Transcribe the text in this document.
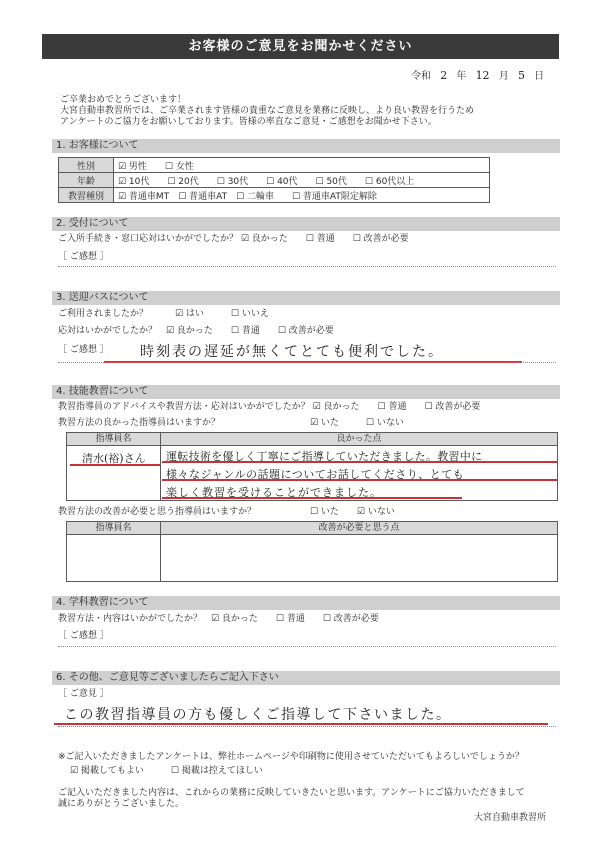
お客様のご意見をお聞かせください
令和 2 年 12 月 5 日
ご卒業おめでとうございます！
大宮自動車教習所では、ご卒業されます皆様の貴重なご意見を業務に反映し、より良い教習を行うため
アンケートのご協力をお願いしております。皆様の率直なご意見・ご感想をお聞かせ下さい。
1. お客様について
性別	☑ 男性　　☐ 女性
年齢	☑ 10代　　☐ 20代　　☐ 30代　　☐ 40代　　☐ 50代　　☐ 60代以上
教習種別	☑ 普通車MT　☐ 普通車AT　☐ 二輪車　　☐ 普通車AT限定解除
2. 受付について
ご入所手続き・窓口応対はいかがでしたか？ ☑ 良かった　　☐ 普通　　☐ 改善が必要
［ ご感想 ］
3. 送迎バスについて
ご利用されましたか？　　　☑ はい　　　☐ いいえ
応対はいかがでしたか？　☑ 良かった　　☐ 普通　　☐ 改善が必要
［ ご感想 ］ 時刻表の遅延が無くてとても便利でした。
4. 技能教習について
教習指導員のアドバイスや教習方法・応対はいかがでしたか？ ☑ 良かった　　☐ 普通　　☐ 改善が必要
教習方法の良かった指導員はいますか？　　　　　　　　　　☑ いた　　　☐ いない
指導員名	良かった点
清水(裕)さん 運転技術を優しく丁寧にご指導していただきました。教習中に
様々なジャンルの話題についてお話してくださり、とても
楽しく教習を受けることができました。
教習方法の改善が必要と思う指導員はいますか？　　　　　　☐ いた　　☑ いない
指導員名	改善が必要と思う点
4. 学科教習について
教習方法・内容はいかがでしたか？　☑ 良かった　　☐ 普通　　☐ 改善が必要
［ ご感想 ］
6. その他、ご意見等ございましたらご記入下さい
［ ご意見 ］
この教習指導員の方も優しくご指導して下さいました。
※ご記入いただきましたアンケートは、弊社ホームページや印刷物に使用させていただいてもよろしいでしょうか？
☑ 掲載してもよい　　　☐ 掲載は控えてほしい
ご記入いただきました内容は、これからの業務に反映していきたいと思います。アンケートにご協力いただきまして
誠にありがとうございました。
大宮自動車教習所
